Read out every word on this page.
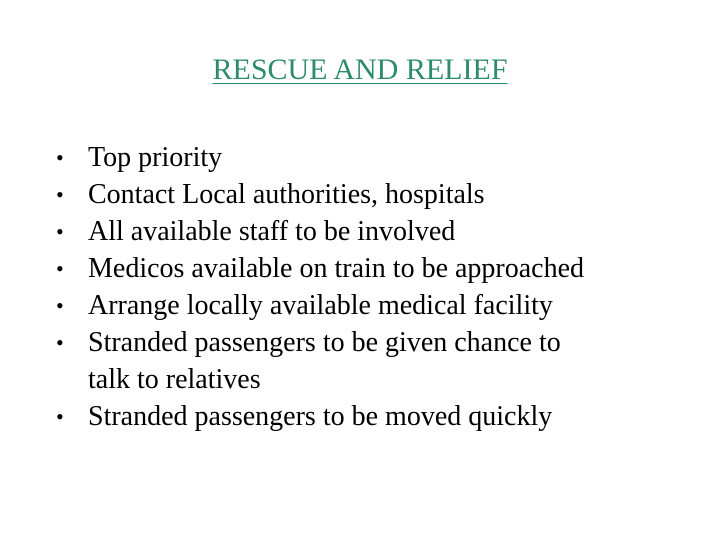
RESCUE AND RELIEF
• Top priority
• Contact Local authorities, hospitals
• All available staff to be involved
• Medicos available on train to be approached
• Arrange locally available medical facility
• Stranded passengers to be given chance to
talk to relatives
• Stranded passengers to be moved quickly
